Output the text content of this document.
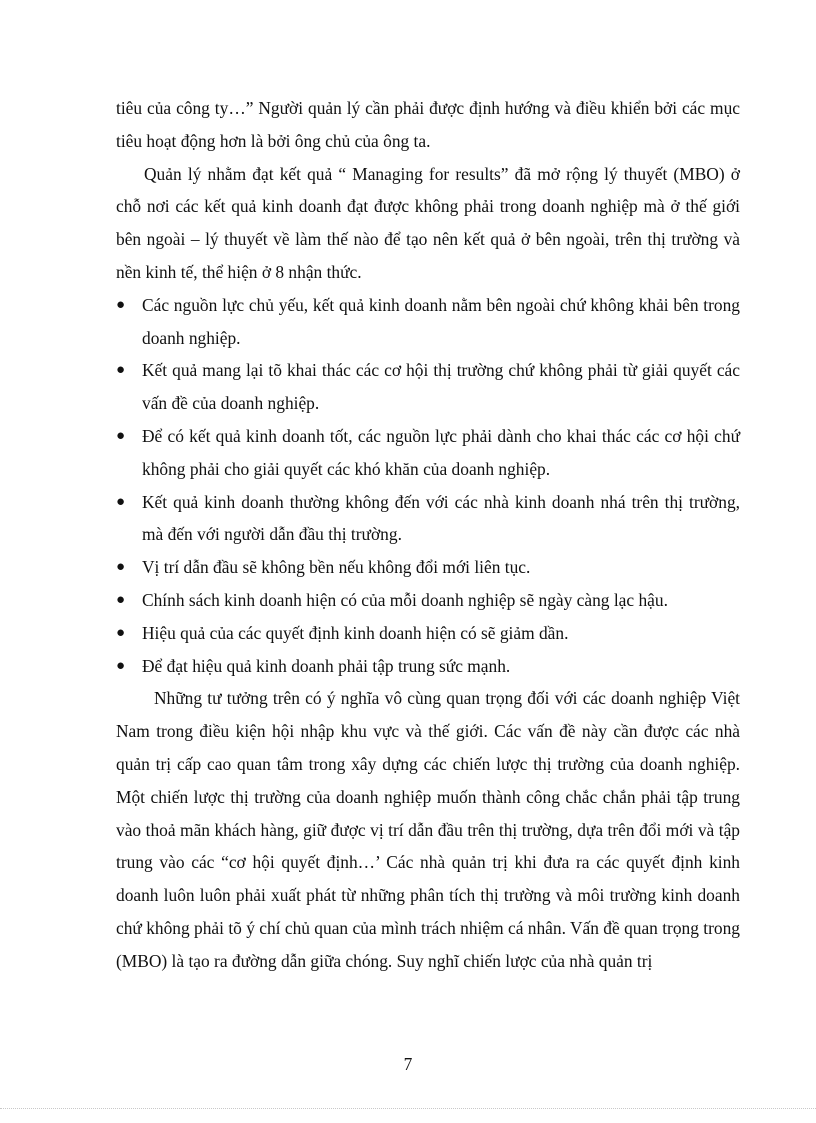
tiêu của công ty…” Người quản lý cần phải được định hướng và điều khiển bởi các mục tiêu hoạt động hơn là bởi ông chủ của ông ta.

Quản lý nhằm đạt kết quả “ Managing for results” đã mở rộng lý thuyết (MBO) ở chỗ nơi các kết quả kinh doanh đạt được không phải trong doanh nghiệp mà ở thế giới bên ngoài – lý thuyết về làm thế nào để tạo nên kết quả ở bên ngoài, trên thị trường và nền kinh tế, thể hiện ở 8 nhận thức.

● Các nguồn lực chủ yếu, kết quả kinh doanh nằm bên ngoài chứ không khải bên trong doanh nghiệp.
● Kết quả mang lại tõ khai thác các cơ hội thị trường chứ không phải từ giải quyết các vấn đề của doanh nghiệp.
● Để có kết quả kinh doanh tốt, các nguồn lực phải dành cho khai thác các cơ hội chứ không phải cho giải quyết các khó khăn của doanh nghiệp.
● Kết quả kinh doanh thường không đến với các nhà kinh doanh nhá trên thị trường, mà đến với người dẫn đầu thị trường.
● Vị trí dẫn đầu sẽ không bền nếu không đổi mới liên tục.
● Chính sách kinh doanh hiện có của mỗi doanh nghiệp sẽ ngày càng lạc hậu.
● Hiệu quả của các quyết định kinh doanh hiện có sẽ giảm dần.
● Để đạt hiệu quả kinh doanh phải tập trung sức mạnh.

Những tư tưởng trên có ý nghĩa vô cùng quan trọng đối với các doanh nghiệp Việt Nam trong điều kiện hội nhập khu vực và thế giới. Các vấn đề này cần được các nhà quản trị cấp cao quan tâm trong xây dựng các chiến lược thị trường của doanh nghiệp. Một chiến lược thị trường của doanh nghiệp muốn thành công chắc chắn phải tập trung vào thoả mãn khách hàng, giữ được vị trí dẫn đầu trên thị trường, dựa trên đổi mới và tập trung vào các “cơ hội quyết định…’ Các nhà quản trị khi đưa ra các quyết định kinh doanh luôn luôn phải xuất phát từ những phân tích thị trường và môi trường kinh doanh chứ không phải tõ ý chí chủ quan của mình trách nhiệm cá nhân. Vấn đề quan trọng trong (MBO) là tạo ra đường dẫn giữa chóng. Suy nghĩ chiến lược của nhà quản trị

7
